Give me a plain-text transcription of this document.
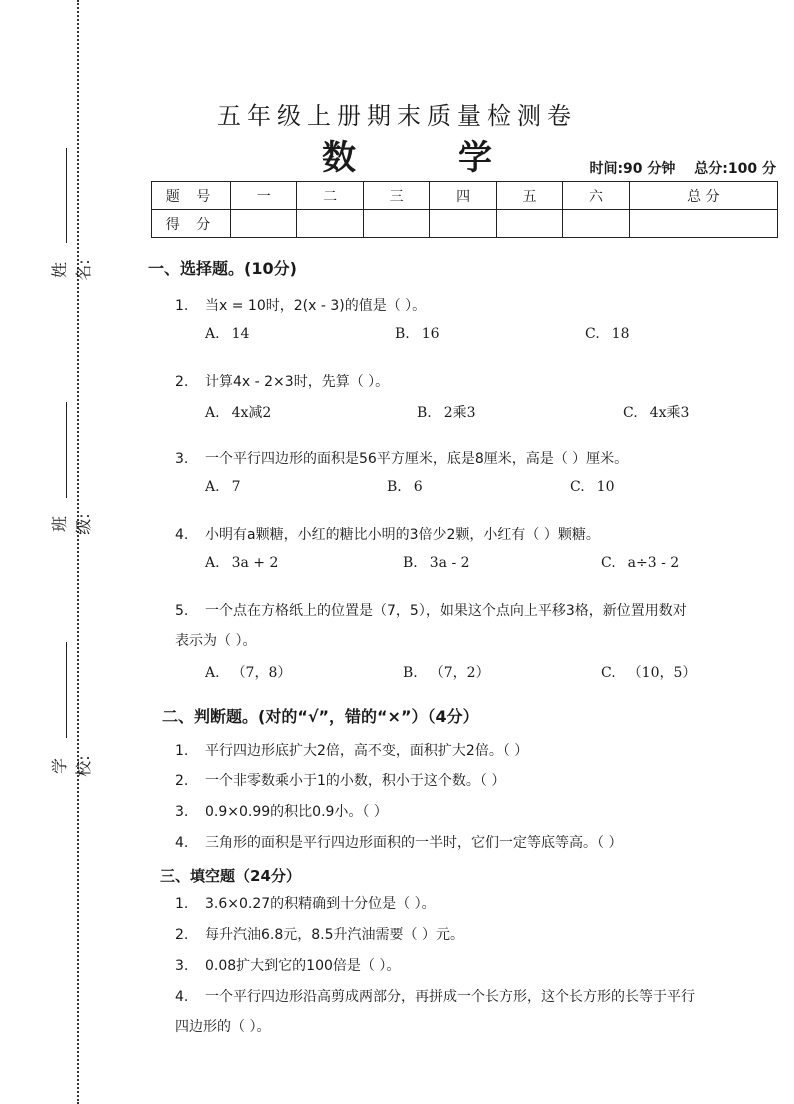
姓名:
班级:
学校:
五年级上册期末质量检测卷
数	学	时间:90 分钟 总分:100 分
题 号	一	二	三	四	五	六	总 分
得 分							
一、选择题。(10分)
1. 当x = 10时，2(x - 3)的值是（ ）。
A. 14	B. 16	C. 18
2. 计算4x - 2×3时，先算（ ）。
A. 4x减2	B. 2乘3	C. 4x乘3
3. 一个平行四边形的面积是56平方厘米，底是8厘米，高是（ ）厘米。
A. 7	B. 6	C. 10
4. 小明有a颗糖，小红的糖比小明的3倍少2颗，小红有（ ）颗糖。
A. 3a + 2	B. 3a - 2	C. a÷3 - 2
5. 一个点在方格纸上的位置是（7，5），如果这个点向上平移3格，新位置用数对
表示为（ ）。
A. （7，8）	B. （7，2）	C. （10，5）
二、判断题。(对的“√”，错的“×”）（4分）
1. 平行四边形底扩大2倍，高不变，面积扩大2倍。（ ）
2. 一个非零数乘小于1的小数，积小于这个数。（ ）
3. 0.9×0.99的积比0.9小。（ ）
4. 三角形的面积是平行四边形面积的一半时，它们一定等底等高。（ ）
三、填空题（24分）
1. 3.6×0.27的积精确到十分位是（ ）。
2. 每升汽油6.8元，8.5升汽油需要（ ）元。
3. 0.08扩大到它的100倍是（ ）。
4. 一个平行四边形沿高剪成两部分，再拼成一个长方形，这个长方形的长等于平行
四边形的（ ）。
